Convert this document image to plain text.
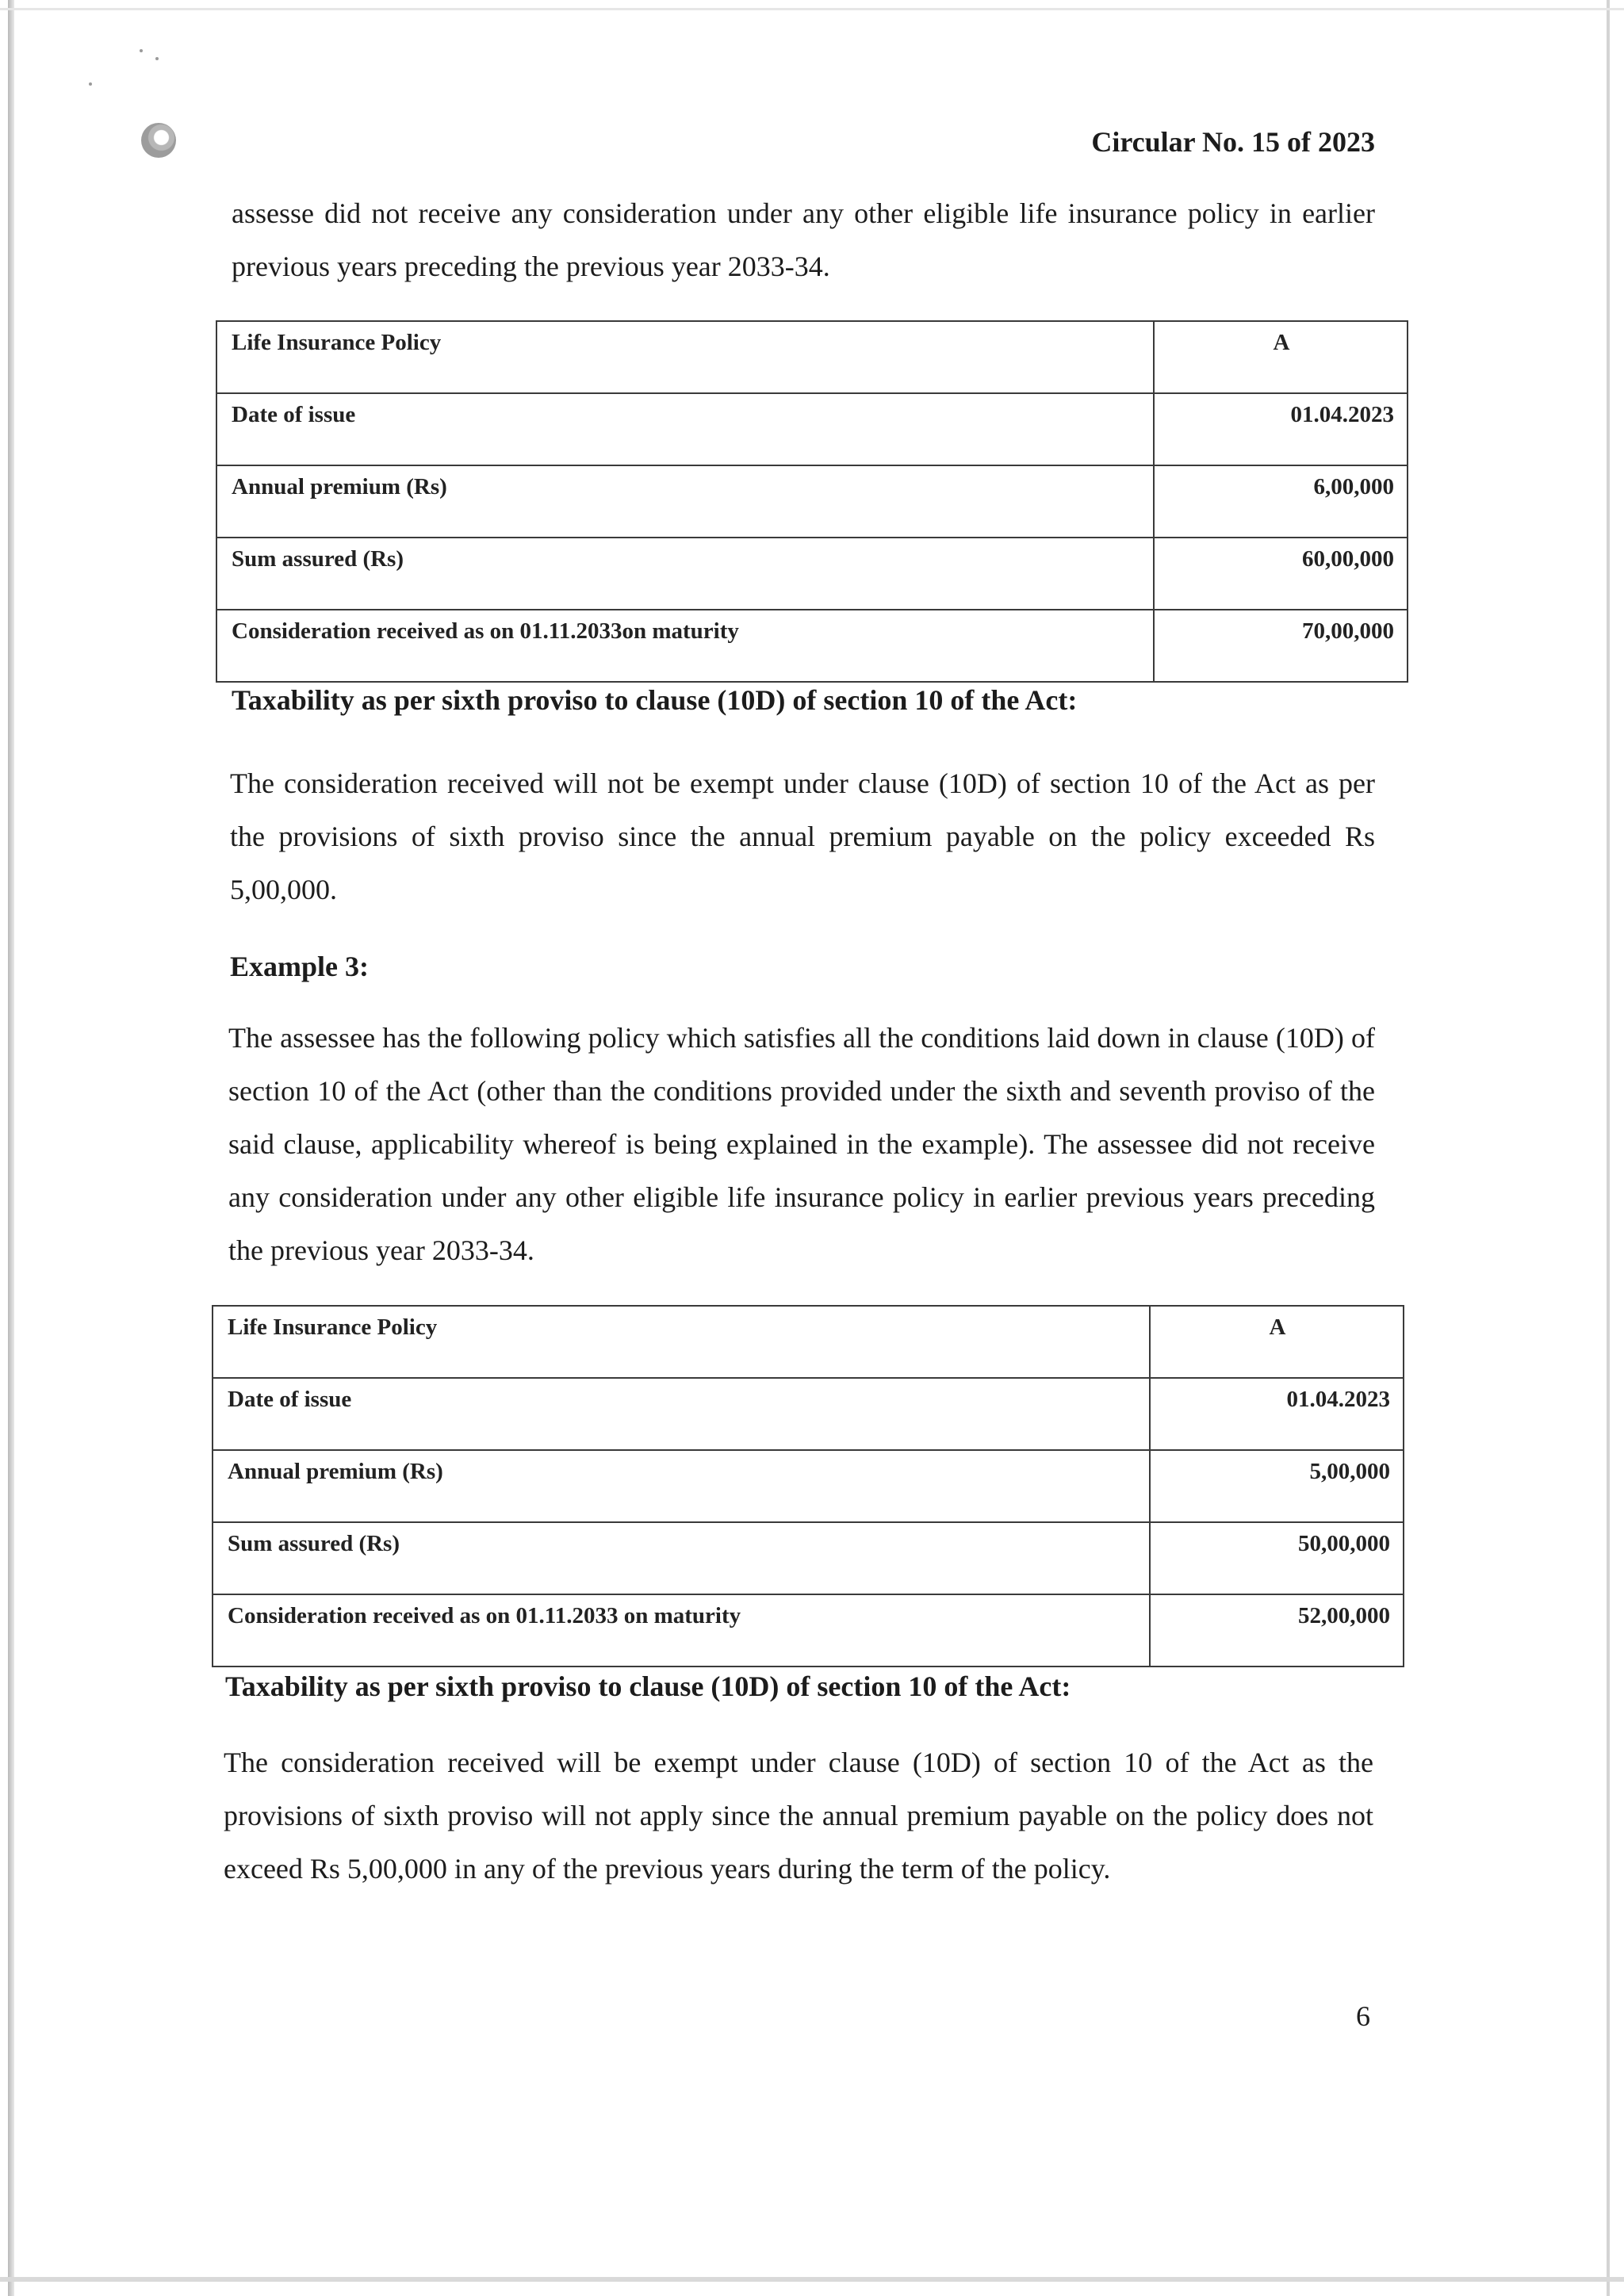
Circular No. 15 of 2023

assesse did not receive any consideration under any other eligible life insurance policy in earlier previous years preceding the previous year 2033-34.

Life Insurance Policy	A
Date of issue	01.04.2023
Annual premium (Rs)	6,00,000
Sum assured (Rs)	60,00,000
Consideration received as on 01.11.2033on maturity	70,00,000
Taxability as per sixth proviso to clause (10D) of section 10 of the Act:

The consideration received will not be exempt under clause (10D) of section 10 of the Act as per the provisions of sixth proviso since the annual premium payable on the policy exceeded Rs 5,00,000.

Example 3:

The assessee has the following policy which satisfies all the conditions laid down in clause (10D) of section 10 of the Act (other than the conditions provided under the sixth and seventh proviso of the said clause, applicability whereof is being explained in the example). The assessee did not receive any consideration under any other eligible life insurance policy in earlier previous years preceding the previous year 2033-34.

Life Insurance Policy	A
Date of issue	01.04.2023
Annual premium (Rs)	5,00,000
Sum assured (Rs)	50,00,000
Consideration received as on 01.11.2033 on maturity	52,00,000
Taxability as per sixth proviso to clause (10D) of section 10 of the Act:

The consideration received will be exempt under clause (10D) of section 10 of the Act as the provisions of sixth proviso will not apply since the annual premium payable on the policy does not exceed Rs 5,00,000 in any of the previous years during the term of the policy.

6
